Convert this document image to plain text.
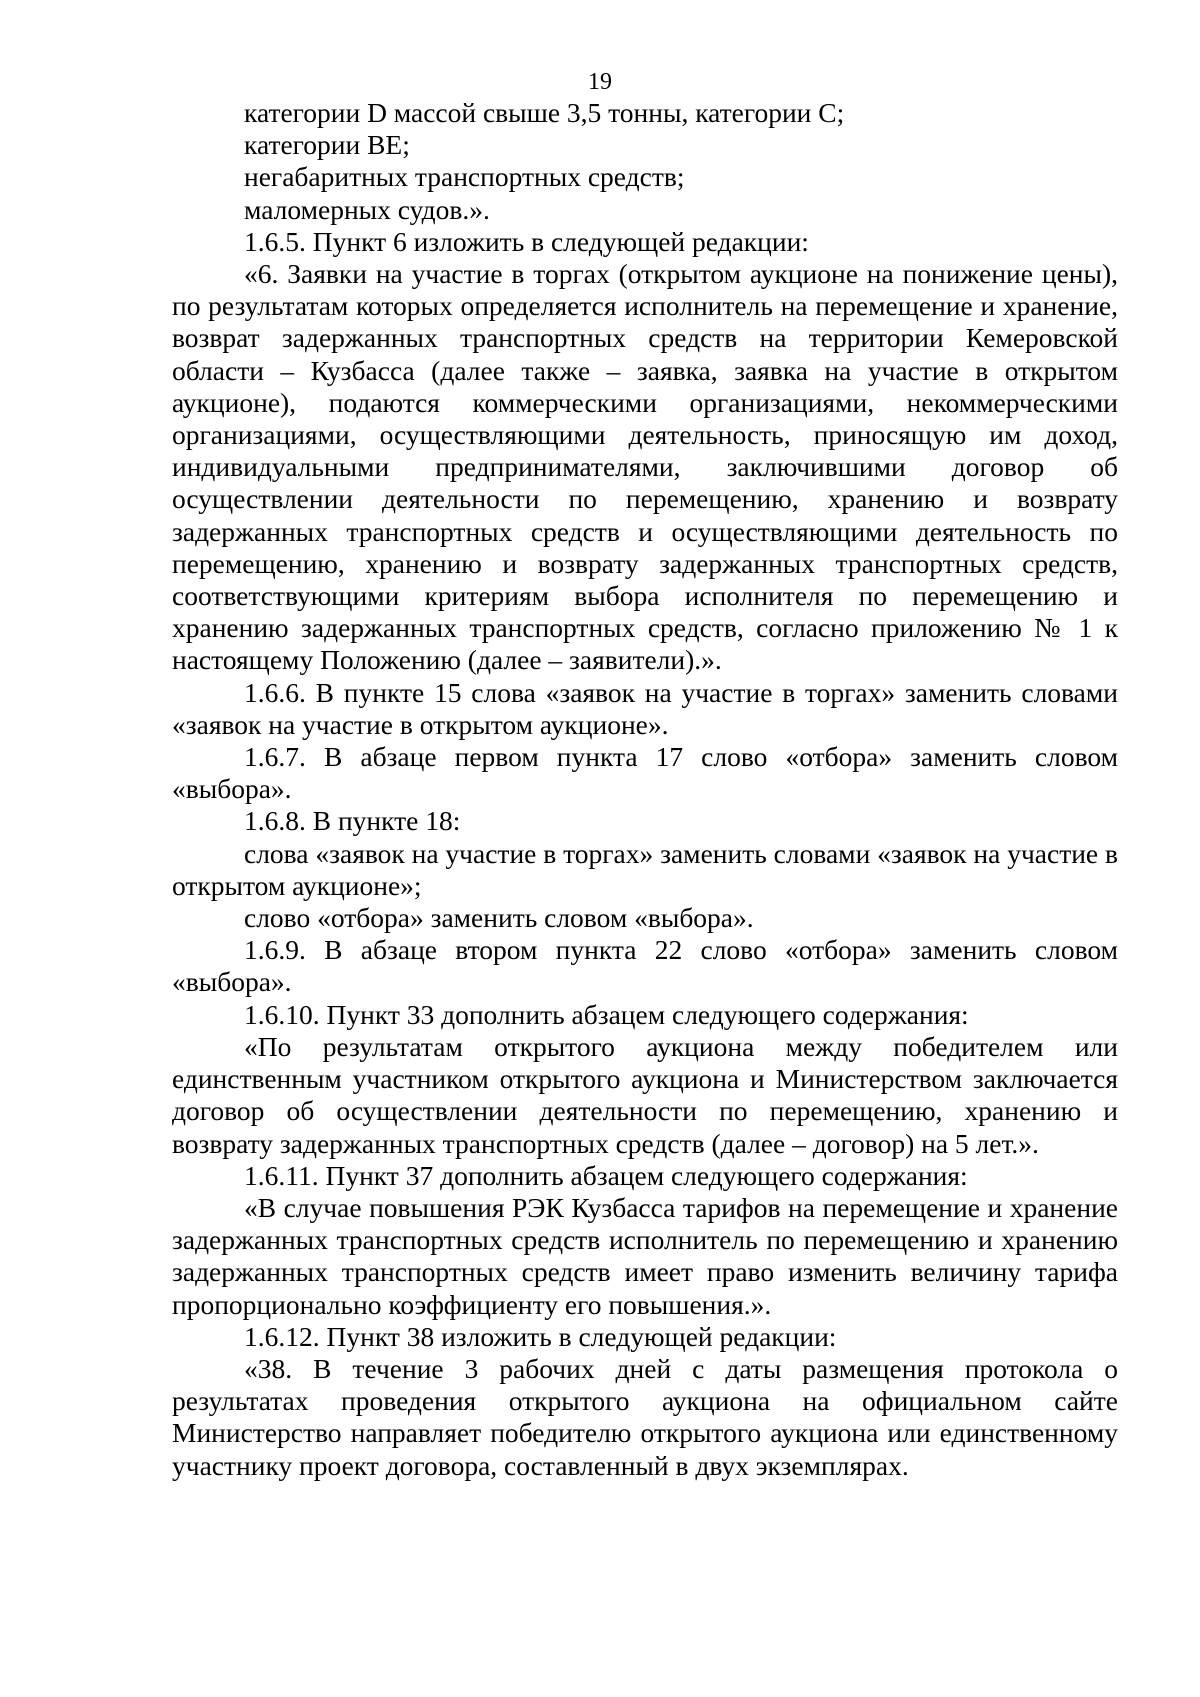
19

категории D массой свыше 3,5 тонны, категории С;

категории ВЕ;

негабаритных транспортных средств;

маломерных судов.».

1.6.5. Пункт 6 изложить в следующей редакции:

«6. Заявки на участие в торгах (открытом аукционе на понижение цены), по результатам которых определяется исполнитель на перемещение и хранение, возврат задержанных транспортных средств на территории Кемеровской области – Кузбасса (далее также – заявка, заявка на участие в открытом аукционе), подаются коммерческими организациями, некоммерческими организациями, осуществляющими деятельность, приносящую им доход, индивидуальными предпринимателями, заключившими договор об осуществлении деятельности по перемещению, хранению и возврату задержанных транспортных средств и осуществляющими деятельность по перемещению, хранению и возврату задержанных транспортных средств, соответствующими критериям выбора исполнителя по перемещению и хранению задержанных транспортных средств, согласно приложению № 1 к настоящему Положению (далее – заявители).».

1.6.6. В пункте 15 слова «заявок на участие в торгах» заменить словами «заявок на участие в открытом аукционе».

1.6.7. В абзаце первом пункта 17 слово «отбора» заменить словом «выбора».

1.6.8. В пункте 18:

слова «заявок на участие в торгах» заменить словами «заявок на участие в открытом аукционе»;

слово «отбора» заменить словом «выбора».

1.6.9. В абзаце втором пункта 22 слово «отбора» заменить словом «выбора».

1.6.10. Пункт 33 дополнить абзацем следующего содержания:

«По результатам открытого аукциона между победителем или единственным участником открытого аукциона и Министерством заключается договор об осуществлении деятельности по перемещению, хранению и возврату задержанных транспортных средств (далее – договор) на 5 лет.».

1.6.11. Пункт 37 дополнить абзацем следующего содержания:

«В случае повышения РЭК Кузбасса тарифов на перемещение и хранение задержанных транспортных средств исполнитель по перемещению и хранению задержанных транспортных средств имеет право изменить величину тарифа пропорционально коэффициенту его повышения.».

1.6.12. Пункт 38 изложить в следующей редакции:

«38. В течение 3 рабочих дней с даты размещения протокола о результатах проведения открытого аукциона на официальном сайте Министерство направляет победителю открытого аукциона или единственному участнику проект договора, составленный в двух экземплярах.
